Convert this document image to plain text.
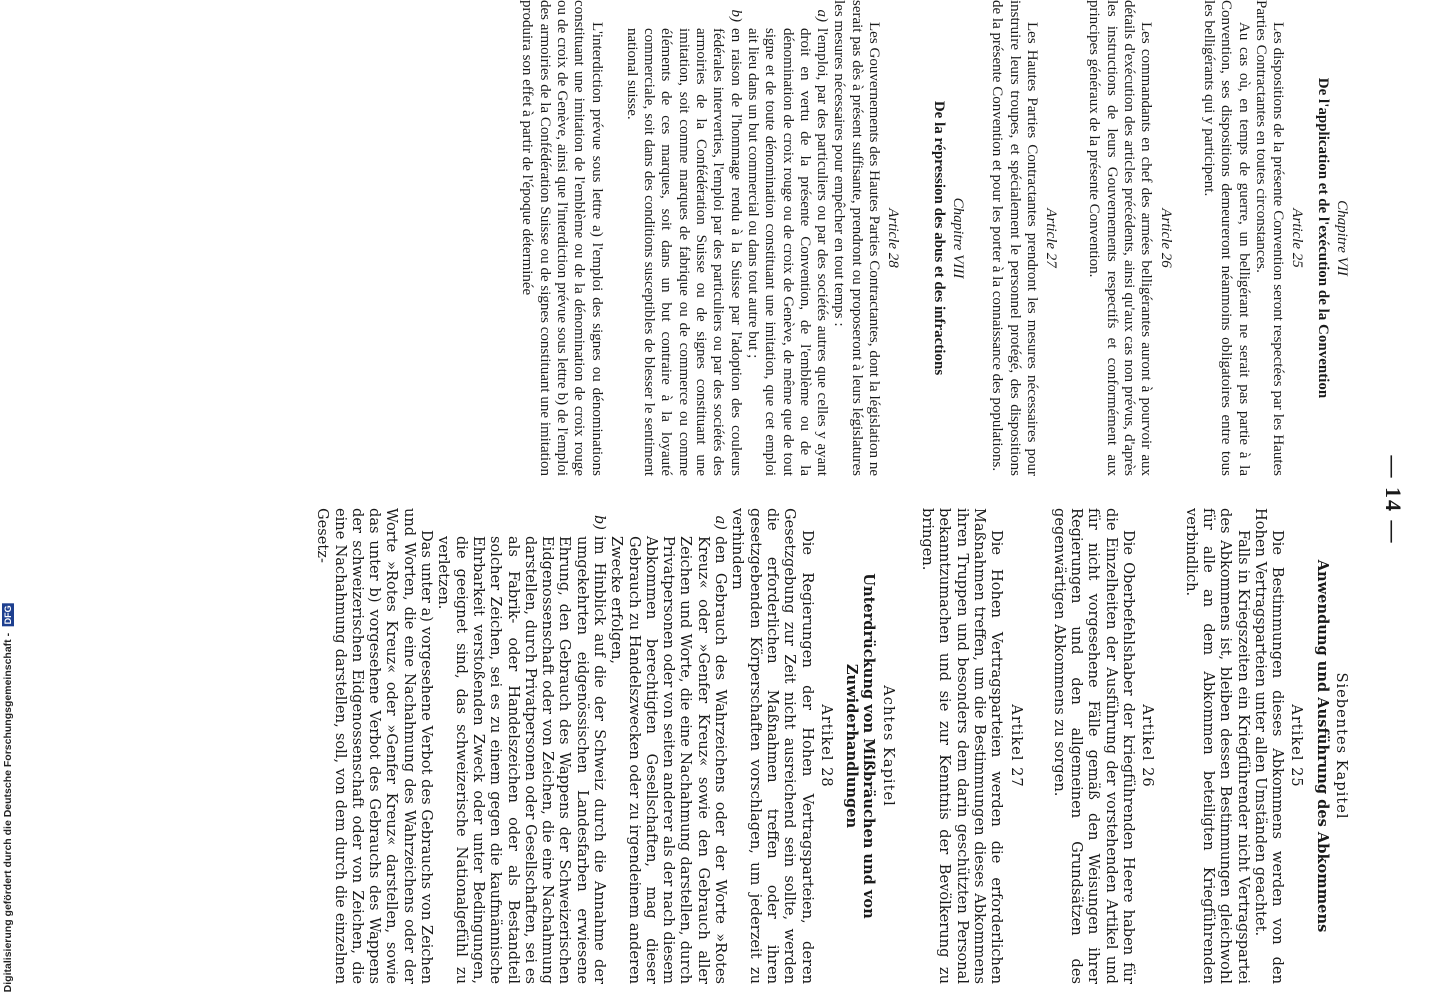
— 14 —
Chapitre VII
De l'application et de l'exécution de la Convention
Article 25

Les dispositions de la présente Convention seront respectées par les Hautes Parties Contractantes en toutes circonstances.

Au cas où, en temps de guerre, un belligérant ne serait pas partie à la Convention, ses dispositions demeureront néanmoins obligatoires entre tous les belligérants qui y participent.

Article 26

Les commandants en chef des armées belligérantes auront à pourvoir aux détails d'exécution des articles précédents, ainsi qu'aux cas non prévus, d'après les instructions de leurs Gouvernements respectifs et conformément aux principes généraux de la présente Convention.

Article 27

Les Hautes Parties Contractantes prendront les mesures nécessaires pour instruire leurs troupes, et spécialement le personnel protégé, des dispositions de la présente Convention et pour les porter à la connaissance des populations.

Chapitre VIII
De la répression des abus et des infractions
Article 28

Les Gouvernements des Hautes Parties Contractantes, dont la législation ne serait pas dès à présent suffisante, prendront ou proposeront à leurs législatures les mesures nécessaires pour empêcher en tout temps :

a)
l'emploi, par des particuliers ou par des sociétés autres que celles y ayant droit en vertu de la présente Convention, de l'emblème ou de la dénomination de croix rouge ou de croix de Genève, de même que de tout signe et de toute dénomination constituant une imitation, que cet emploi ait lieu dans un but commercial ou dans tout autre but ;
b)
en raison de l'hommage rendu à la Suisse par l'adoption des couleurs fédérales interverties, l'emploi par des particuliers ou par des sociétés des armoiries de la Confédération Suisse ou de signes constituant une imitation, soit comme marques de fabrique ou de commerce ou comme éléments de ces marques, soit dans un but contraire à la loyauté commerciale, soit dans des conditions susceptibles de blesser le sentiment national suisse.

L'interdiction prévue sous lettre a) l'emploi des signes ou dénominations constituant une imitation de l'emblème ou de la dénomination de croix rouge ou de croix de Genève, ainsi que l'interdiction prévue sous lettre b) de l'emploi des armoiries de la Confédération Suisse ou de signes constituant une imitation produira son effet à partir de l'époque déterminée

Siebentes Kapitel
Anwendung und Ausführung des Abkommens
Artikel 25

Die Bestimmungen dieses Abkommens werden von den Hohen Vertragsparteien unter allen Umständen geachtet.

Falls in Kriegszeiten ein Kriegführender nicht Vertragspartei des Abkommens ist, bleiben dessen Bestimmungen gleichwohl für alle an dem Abkommen beteiligten Kriegführenden verbindlich.

Artikel 26

Die Oberbefehlshaber der kriegführenden Heere haben für die Einzelheiten der Ausführung der vorstehenden Artikel und für nicht vorgesehene Fälle gemäß den Weisungen ihrer Regierungen und den allgemeinen Grundsätzen des gegenwärtigen Abkommens zu sorgen.

Artikel 27

Die Hohen Vertragsparteien werden die erforderlichen Maßnahmen treffen, um die Bestimmungen dieses Abkommens ihren Truppen und besonders dem darin geschützten Personal bekanntzumachen und sie zur Kenntnis der Bevölkerung zu bringen.

Achtes Kapitel
Unterdrückung von Mißbräuchen und von Zuwiderhandlungen
Artikel 28

Die Regierungen der Hohen Vertragsparteien, deren Gesetzgebung zur Zeit nicht ausreichend sein sollte, werden die erforderlichen Maßnahmen treffen oder ihren gesetzgebenden Körperschaften vorschlagen, um jederzeit zu verhindern

a)
den Gebrauch des Wahrzeichens oder der Worte »Rotes Kreuz« oder »Genfer Kreuz« sowie den Gebrauch aller Zeichen und Worte, die eine Nachahmung darstellen, durch Privatpersonen oder von seiten anderer als der nach diesem Abkommen berechtigten Gesellschaften, mag dieser Gebrauch zu Handelszwecken oder zu irgendeinem anderen Zwecke erfolgen,
b)
im Hinblick auf die der Schweiz durch die Annahme der umgekehrten eidgenössischen Landesfarben erwiesene Ehrung, den Gebrauch des Wappens der Schweizerischen Eidgenossenschaft oder von Zeichen, die eine Nachahmung darstellen, durch Privatpersonen oder Gesellschaften, sei es als Fabrik- oder Handelszeichen oder als Bestandteil solcher Zeichen, sei es zu einem gegen die kaufmännische Ehrbarkeit verstoßenden Zweck oder unter Bedingungen, die geeignet sind, das schweizerische Nationalgefühl zu verletzen.

Das unter a) vorgesehene Verbot des Gebrauchs von Zeichen und Worten, die eine Nachahmung des Wahrzeichens oder der Worte »Rotes Kreuz« oder »Genfer Kreuz« darstellen, sowie das unter b) vorgesehene Verbot des Gebrauchs des Wappens der schweizerischen Eidgenossenschaft oder von Zeichen, die eine Nachahmung darstellen, soll, von dem durch die einzelnen Gesetz-

Digitalisierung gefördert durch die Deutsche Forschungsgemeinschaft - DFG
